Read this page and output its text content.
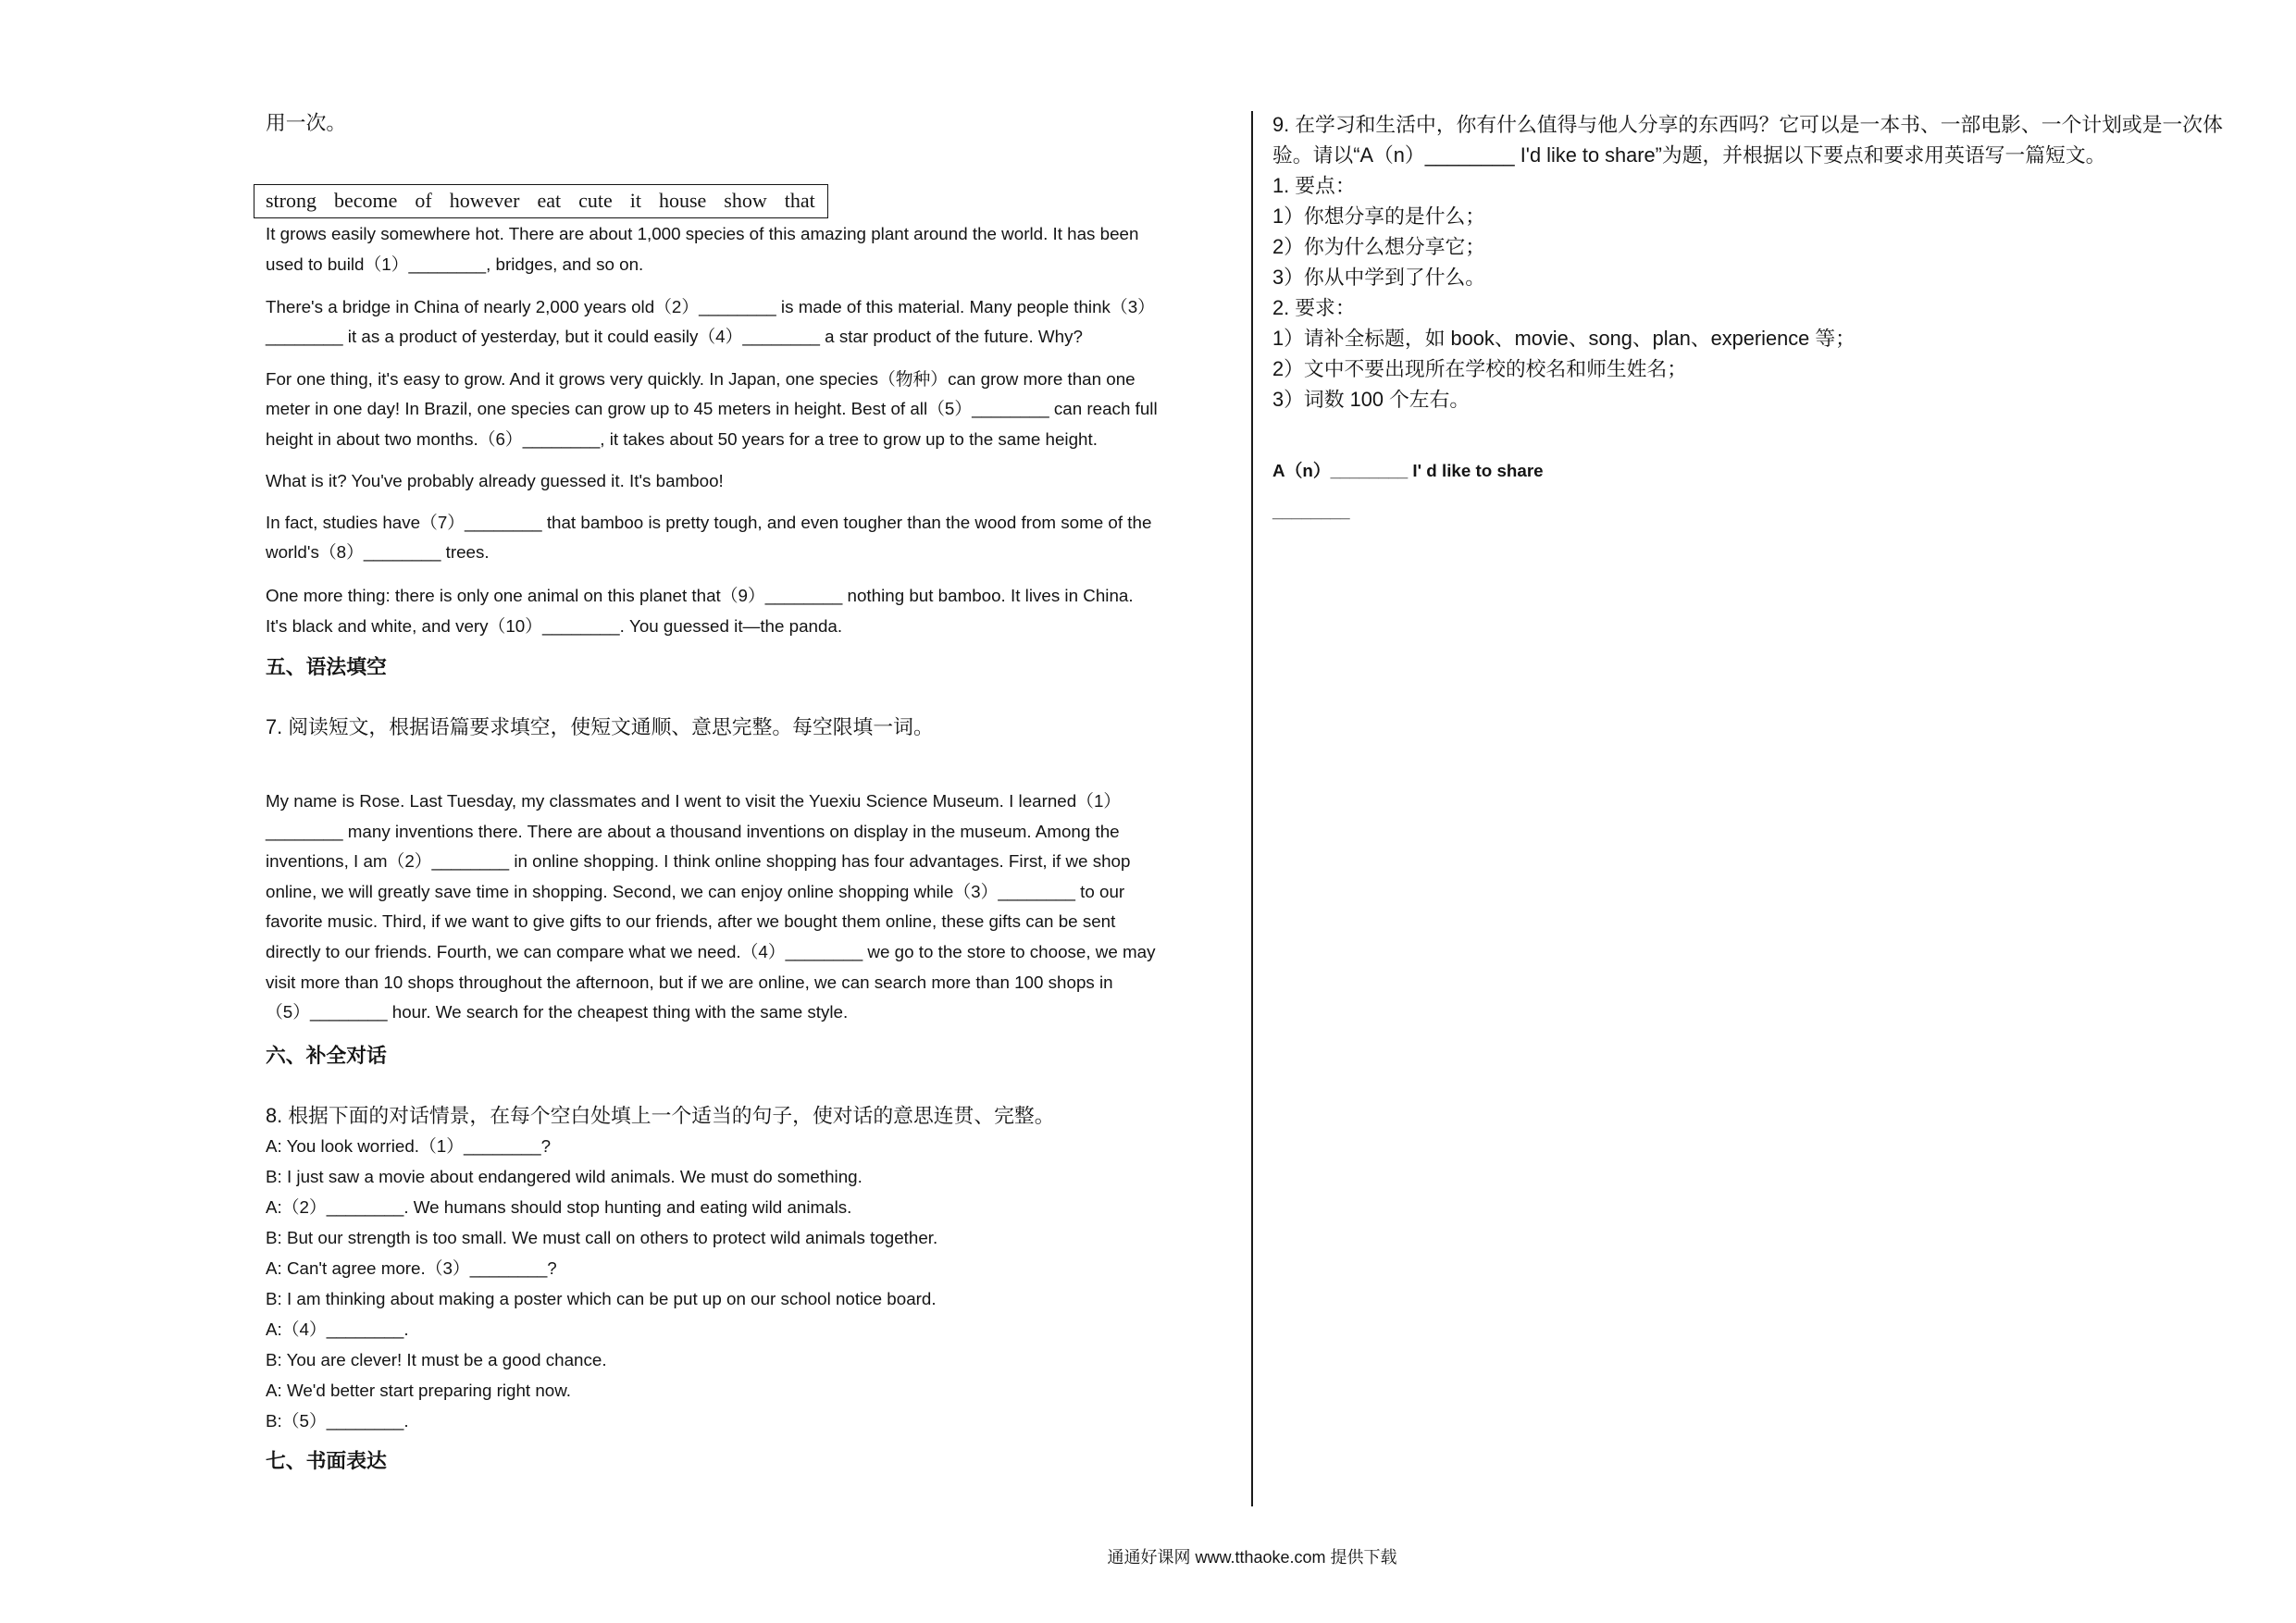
用一次。
strong become of however eat cute it house show that
It grows easily somewhere hot. There are about 1,000 species of this amazing plant around the world. It has been
used to build（1）________, bridges, and so on.
There's a bridge in China of nearly 2,000 years old（2）________ is made of this material. Many people think（3）
________ it as a product of yesterday, but it could easily（4）________ a star product of the future. Why?
For one thing, it's easy to grow. And it grows very quickly. In Japan, one species（物种）can grow more than one
meter in one day! In Brazil, one species can grow up to 45 meters in height. Best of all（5）________ can reach full
height in about two months.（6）________, it takes about 50 years for a tree to grow up to the same height.
What is it? You've probably already guessed it. It's bamboo!
In fact, studies have（7）________ that bamboo is pretty tough, and even tougher than the wood from some of the
world's（8）________ trees.
One more thing: there is only one animal on this planet that（9）________ nothing but bamboo. It lives in China.
It's black and white, and very（10）________. You guessed it—the panda.
五、语法填空
7. 阅读短文，根据语篇要求填空，使短文通顺、意思完整。每空限填一词。
My name is Rose. Last Tuesday, my classmates and I went to visit the Yuexiu Science Museum. I learned（1）
________ many inventions there. There are about a thousand inventions on display in the museum. Among the
inventions, I am（2）________ in online shopping. I think online shopping has four advantages. First, if we shop
online, we will greatly save time in shopping. Second, we can enjoy online shopping while（3）________ to our
favorite music. Third, if we want to give gifts to our friends, after we bought them online, these gifts can be sent
directly to our friends. Fourth, we can compare what we need.（4）________ we go to the store to choose, we may
visit more than 10 shops throughout the afternoon, but if we are online, we can search more than 100 shops in
（5）________ hour. We search for the cheapest thing with the same style.
六、补全对话
8. 根据下面的对话情景，在每个空白处填上一个适当的句子，使对话的意思连贯、完整。
A: You look worried.（1）________?
B: I just saw a movie about endangered wild animals. We must do something.
A:（2）________. We humans should stop hunting and eating wild animals.
B: But our strength is too small. We must call on others to protect wild animals together.
A: Can't agree more.（3）________?
B: I am thinking about making a poster which can be put up on our school notice board.
A:（4）________.
B: You are clever! It must be a good chance.
A: We'd better start preparing right now.
B:（5）________.
七、书面表达
9. 在学习和生活中，你有什么值得与他人分享的东西吗？它可以是一本书、一部电影、一个计划或是一次体
验。请以“A（n）________ I'd like to share”为题，并根据以下要点和要求用英语写一篇短文。
1. 要点：
1）你想分享的是什么；
2）你为什么想分享它；
3）你从中学到了什么。
2. 要求：
1）请补全标题，如 book、movie、song、plan、experience 等；
2）文中不要出现所在学校的校名和师生姓名；
3）词数 100 个左右。
A（n）________ I' d like to share
________
通通好课网 www.tthaoke.com 提供下载
